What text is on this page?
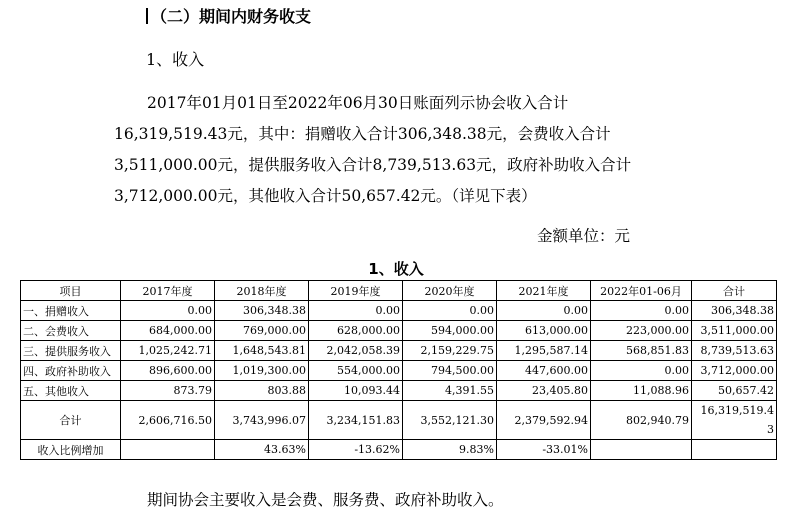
（二）期间内财务收支
1、收入
2017年01月01日至2022年06月30日账面列示协会收入合计16,319,519.43元，其中：捐赠收入合计306,348.38元，会费收入合计3,511,000.00元，提供服务收入合计8,739,513.63元，政府补助收入合计3,712,000.00元，其他收入合计50,657.42元。（详见下表）
金额单位：元
1、收入
项目	2017年度	2018年度	2019年度	2020年度	2021年度	2022年01-06月	合计
一、捐赠收入	0.00	306,348.38	0.00	0.00	0.00	0.00	306,348.38
二、会费收入	684,000.00	769,000.00	628,000.00	594,000.00	613,000.00	223,000.00	3,511,000.00
三、提供服务收入	1,025,242.71	1,648,543.81	2,042,058.39	2,159,229.75	1,295,587.14	568,851.83	8,739,513.63
四、政府补助收入	896,600.00	1,019,300.00	554,000.00	794,500.00	447,600.00	0.00	3,712,000.00
五、其他收入	873.79	803.88	10,093.44	4,391.55	23,405.80	11,088.96	50,657.42
合计	2,606,716.50	3,743,996.07	3,234,151.83	3,552,121.30	2,379,592.94	802,940.79	16,319,519.43
收入比例增加		43.63%	-13.62%	9.83%	-33.01%		
期间协会主要收入是会费、服务费、政府补助收入。
